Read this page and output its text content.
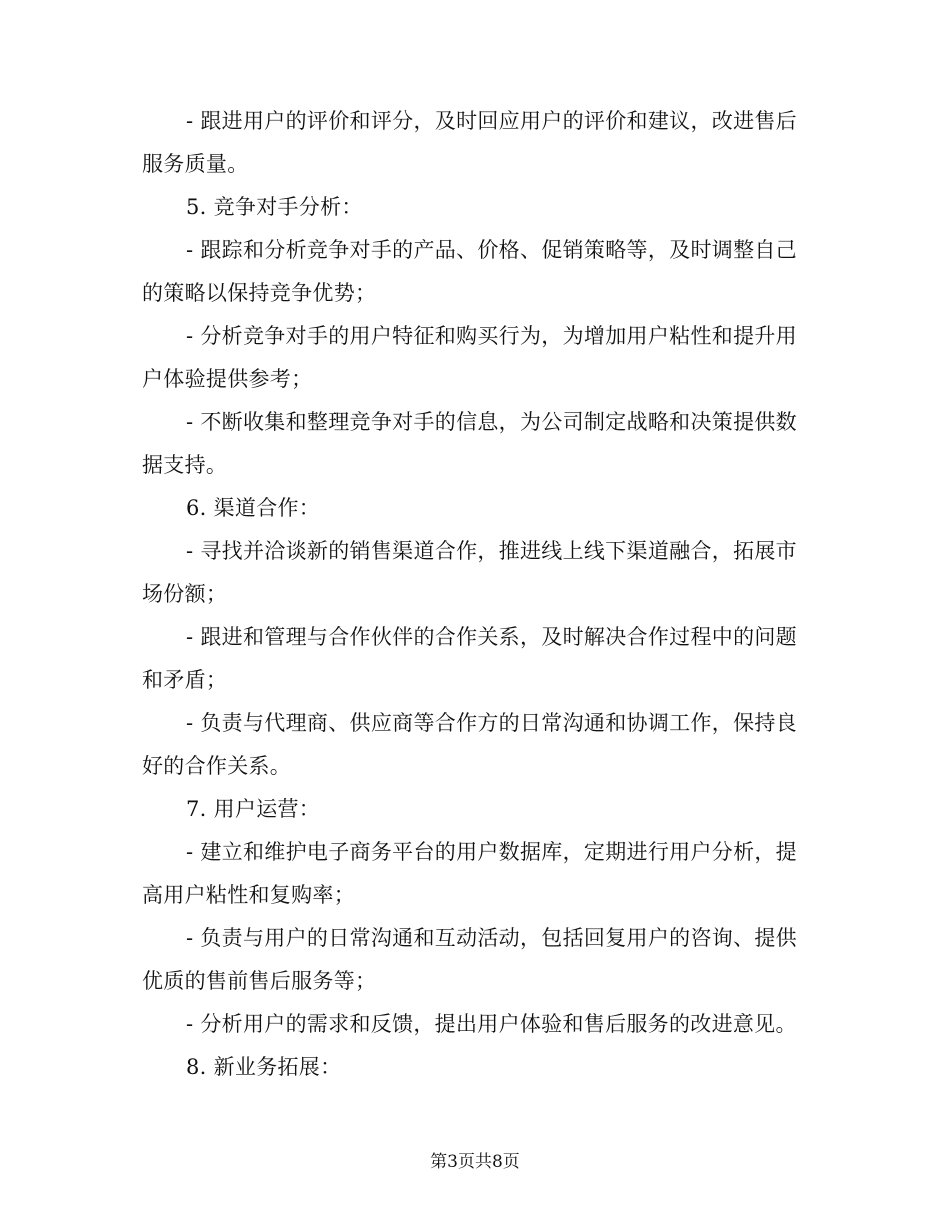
- 跟进用户的评价和评分，及时回应用户的评价和建议，改进售后服务质量。

5. 竞争对手分析：

- 跟踪和分析竞争对手的产品、价格、促销策略等，及时调整自己的策略以保持竞争优势；

- 分析竞争对手的用户特征和购买行为，为增加用户粘性和提升用户体验提供参考；

- 不断收集和整理竞争对手的信息，为公司制定战略和决策提供数据支持。

6. 渠道合作：

- 寻找并洽谈新的销售渠道合作，推进线上线下渠道融合，拓展市场份额；

- 跟进和管理与合作伙伴的合作关系，及时解决合作过程中的问题和矛盾；

- 负责与代理商、供应商等合作方的日常沟通和协调工作，保持良好的合作关系。

7. 用户运营：

- 建立和维护电子商务平台的用户数据库，定期进行用户分析，提高用户粘性和复购率；

- 负责与用户的日常沟通和互动活动，包括回复用户的咨询、提供优质的售前售后服务等；

- 分析用户的需求和反馈，提出用户体验和售后服务的改进意见。

8. 新业务拓展：

第3页共8页
